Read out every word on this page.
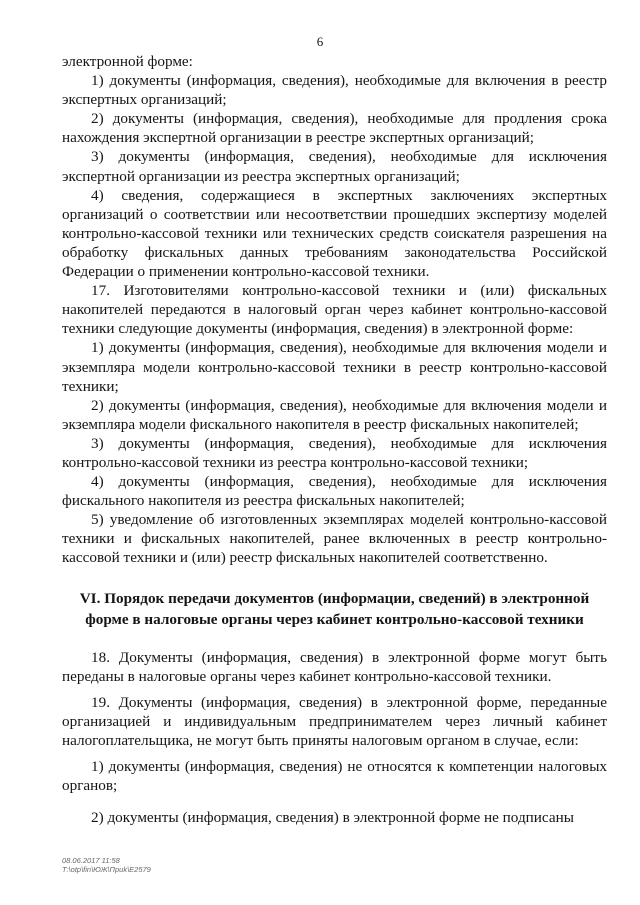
6

электронной форме:

1) документы (информация, сведения), необходимые для включения в реестр экспертных организаций;

2) документы (информация, сведения), необходимые для продления срока нахождения экспертной организации в реестре экспертных организаций;

3) документы (информация, сведения), необходимые для исключения экспертной организации из реестра экспертных организаций;

4) сведения, содержащиеся в экспертных заключениях экспертных организаций о соответствии или несоответствии прошедших экспертизу моделей контрольно-кассовой техники или технических средств соискателя разрешения на обработку фискальных данных требованиям законодательства Российской Федерации о применении контрольно-кассовой техники.

17. Изготовителями контрольно-кассовой техники и (или) фискальных накопителей передаются в налоговый орган через кабинет контрольно-кассовой техники следующие документы (информация, сведения) в электронной форме:

1) документы (информация, сведения), необходимые для включения модели и экземпляра модели контрольно-кассовой техники в реестр контрольно-кассовой техники;

2) документы (информация, сведения), необходимые для включения модели и экземпляра модели фискального накопителя в реестр фискальных накопителей;

3) документы (информация, сведения), необходимые для исключения контрольно-кассовой техники из реестра контрольно-кассовой техники;

4) документы (информация, сведения), необходимые для исключения фискального накопителя из реестра фискальных накопителей;

5) уведомление об изготовленных экземплярах моделей контрольно-кассовой техники и фискальных накопителей, ранее включенных в реестр контрольно-кассовой техники и (или) реестр фискальных накопителей соответственно.

VI. Порядок передачи документов (информации, сведений) в электронной форме в налоговые органы через кабинет контрольно-кассовой техники

18. Документы (информация, сведения) в электронной форме могут быть переданы в налоговые органы через кабинет контрольно-кассовой техники.

19. Документы (информация, сведения) в электронной форме, переданные организацией и индивидуальным предпринимателем через личный кабинет налогоплательщика, не могут быть приняты налоговым органом в случае, если:

1) документы (информация, сведения) не относятся к компетенции налоговых органов;

2) документы (информация, сведения) в электронной форме не подписаны

08.06.2017 11:58
Т:\otp\fin\ЮЖ\Приk\E2579
